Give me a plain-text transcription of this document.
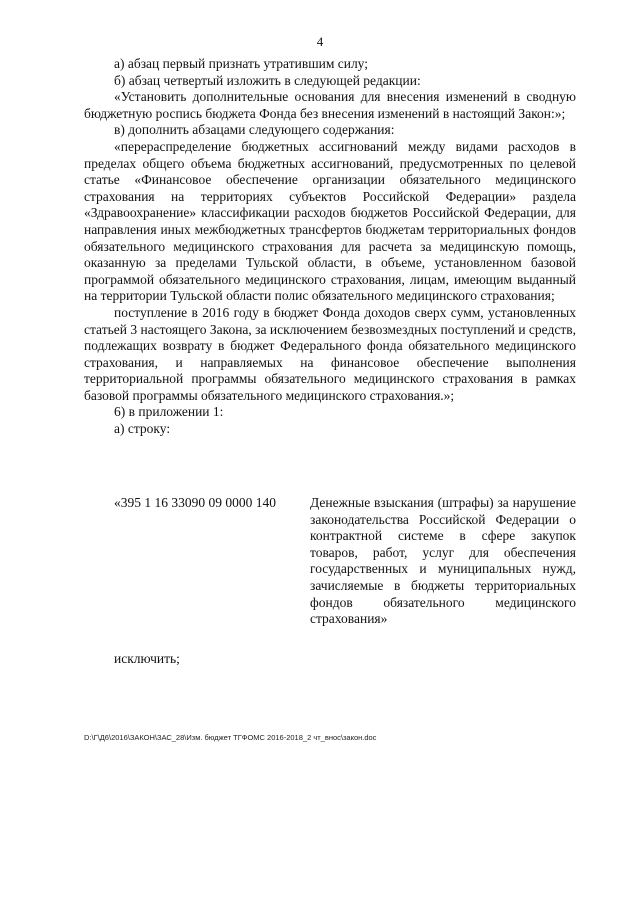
4

а) абзац первый признать утратившим силу;

б) абзац четвертый изложить в следующей редакции:

«Установить дополнительные основания для внесения изменений в сводную бюджетную роспись бюджета Фонда без внесения изменений в настоящий Закон:»;

в) дополнить абзацами следующего содержания:

«перераспределение бюджетных ассигнований между видами расходов в пределах общего объема бюджетных ассигнований, предусмотренных по целевой статье «Финансовое обеспечение организации обязательного медицинского страхования на территориях субъектов Российской Федерации» раздела «Здравоохранение» классификации расходов бюджетов Российской Федерации, для направления иных межбюджетных трансфертов бюджетам территориальных фондов обязательного медицинского страхования для расчета за медицинскую помощь, оказанную за пределами Тульской области, в объеме, установленном базовой программой обязательного медицинского страхования, лицам, имеющим выданный на территории Тульской области полис обязательного медицинского страхования;

поступление в 2016 году в бюджет Фонда доходов сверх сумм, установленных статьей 3 настоящего Закона, за исключением безвозмездных поступлений и средств, подлежащих возврату в бюджет Федерального фонда обязательного медицинского страхования, и направляемых на финансовое обеспечение выполнения территориальной программы обязательного медицинского страхования в рамках базовой программы обязательного медицинского страхования.»;

6) в приложении 1:

а) строку:

«395 1 16 33090 09 0000 140	Денежные взыскания (штрафы) за нарушение законодательства Российской Федерации о контрактной системе в сфере закупок товаров, работ, услуг для обеспечения государственных и муниципальных нужд, зачисляемые в бюджеты территориальных фондов обязательного медицинского страхования»
исключить;
D:\Г\Д6\2016\ЗАКОН\ЗАС_28\Изм. бюджет ТГФОМС 2016-2018_2 чт_внос\закон.doc
